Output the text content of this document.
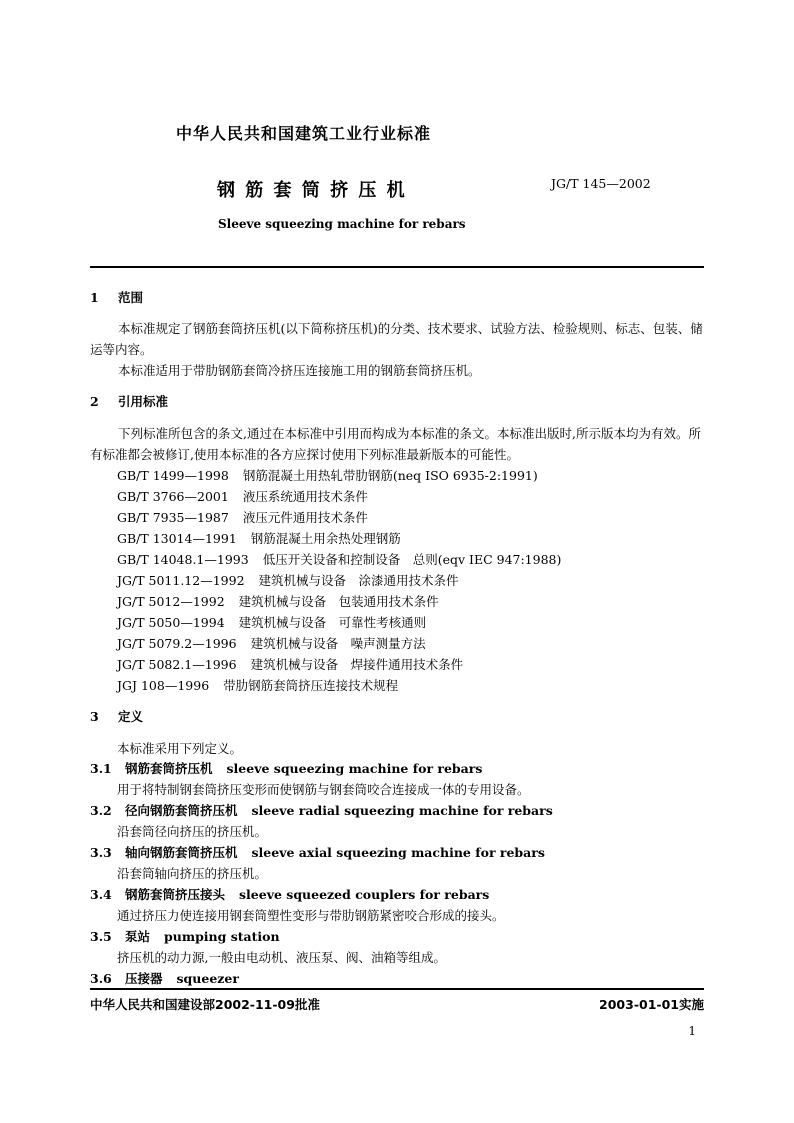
中华人民共和国建筑工业行业标准
钢 筋 套 筒 挤 压 机	JG/T 145—2002
Sleeve squeezing machine for rebars
1 范围
本标准规定了钢筋套筒挤压机(以下简称挤压机)的分类、技术要求、试验方法、检验规则、标志、包装、储运等内容。
本标准适用于带肋钢筋套筒冷挤压连接施工用的钢筋套筒挤压机。
2 引用标准
下列标准所包含的条文,通过在本标准中引用而构成为本标准的条文。本标准出版时,所示版本均为有效。所有标准都会被修订,使用本标准的各方应探讨使用下列标准最新版本的可能性。
GB/T 1499—1998 钢筋混凝土用热轧带肋钢筋(neq ISO 6935-2:1991)
GB/T 3766—2001 液压系统通用技术条件
GB/T 7935—1987 液压元件通用技术条件
GB/T 13014—1991 钢筋混凝土用余热处理钢筋
GB/T 14048.1—1993 低压开关设备和控制设备　总则(eqv IEC 947:1988)
JG/T 5011.12—1992 建筑机械与设备　涂漆通用技术条件
JG/T 5012—1992 建筑机械与设备　包装通用技术条件
JG/T 5050—1994 建筑机械与设备　可靠性考核通则
JG/T 5079.2—1996 建筑机械与设备　噪声测量方法
JG/T 5082.1—1996 建筑机械与设备　焊接件通用技术条件
JGJ 108—1996 带肋钢筋套筒挤压连接技术规程
3 定义
本标准采用下列定义。
3.1 钢筋套筒挤压机 sleeve squeezing machine for rebars
用于将特制钢套筒挤压变形而使钢筋与钢套筒咬合连接成一体的专用设备。
3.2 径向钢筋套筒挤压机 sleeve radial squeezing machine for rebars
沿套筒径向挤压的挤压机。
3.3 轴向钢筋套筒挤压机 sleeve axial squeezing machine for rebars
沿套筒轴向挤压的挤压机。
3.4 钢筋套筒挤压接头 sleeve squeezed couplers for rebars
通过挤压力使连接用钢套筒塑性变形与带肋钢筋紧密咬合形成的接头。
3.5 泵站 pumping station
挤压机的动力源,一般由电动机、液压泵、阀、油箱等组成。
3.6 压接器 squeezer
中华人民共和国建设部2002-11-09批准	2003-01-01实施
1
